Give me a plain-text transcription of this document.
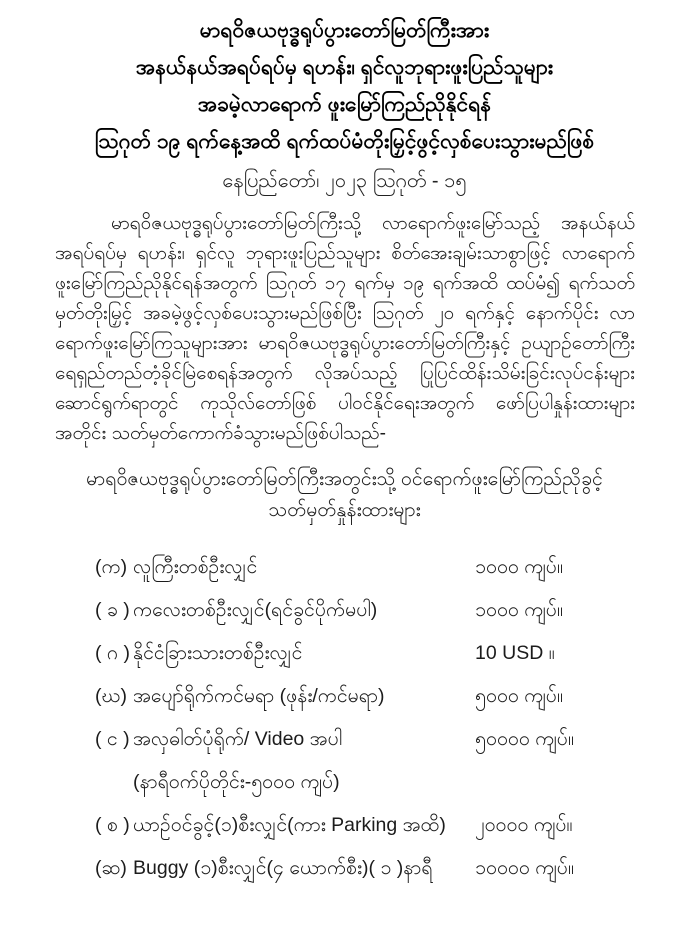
မာရဝိဇယဗုဒ္ဓရုပ်ပွားတော်မြတ်ကြီးအား
အနယ်နယ်အရပ်ရပ်မှ ရဟန်း၊ ရှင်လူဘုရားဖူးပြည်သူများ
အခမဲ့လာရောက် ဖူးမြော်ကြည်ညိုနိုင်ရန်
ဩဂုတ် ၁၉ ရက်နေ့အထိ ရက်ထပ်မံတိုးမြှင့်ဖွင့်လှစ်ပေးသွားမည်ဖြစ်
နေပြည်တော်၊ ၂၀၂၃ ဩဂုတ် - ၁၅

မာရဝိဇယဗုဒ္ဓရုပ်ပွားတော်မြတ်ကြီးသို့ လာရောက်ဖူးမြော်သည့် အနယ်နယ်အရပ်ရပ်မှ ရဟန်း၊ ရှင်လူ ဘုရားဖူးပြည်သူများ စိတ်အေးချမ်းသာစွာဖြင့် လာရောက်ဖူးမြော်ကြည်ညိုနိုင်ရန်အတွက် ဩဂုတ် ၁၇ ရက်မှ ၁၉ ရက်အထိ ထပ်မံ၍ ရက်သတ်မှတ်တိုးမြှင့် အခမဲ့ဖွင့်လှစ်ပေးသွားမည်ဖြစ်ပြီး ဩဂုတ် ၂၀ ရက်နှင့် နောက်ပိုင်း လာရောက်ဖူးမြော်ကြသူများအား မာရဝိဇယဗုဒ္ဓရုပ်ပွားတော်မြတ်ကြီးနှင့် ဥယျာဉ်တော်ကြီး ရေရှည်တည်တံ့ခိုင်မြဲစေရန်အတွက် လိုအပ်သည့် ပြုပြင်ထိန်းသိမ်းခြင်းလုပ်ငန်းများ ဆောင်ရွက်ရာတွင် ကုသိုလ်တော်ဖြစ် ပါဝင်နိုင်ရေးအတွက် ဖော်ပြပါနှုန်းထားများအတိုင်း သတ်မှတ်ကောက်ခံသွားမည်ဖြစ်ပါသည်-

မာရဝိဇယဗုဒ္ဓရုပ်ပွားတော်မြတ်ကြီးအတွင်းသို့ ဝင်ရောက်ဖူးမြော်ကြည်ညိုခွင့်
သတ်မှတ်နှုန်းထားများ
(က) လူကြီးတစ်ဦးလျှင်	၁၀၀၀ ကျပ်။
( ခ ) ကလေးတစ်ဦးလျှင်(ရင်ခွင်ပိုက်မပါ)	၁၀၀၀ ကျပ်။
( ဂ ) နိုင်ငံခြားသားတစ်ဦးလျှင်	10 USD ။
(ဃ) အပျော်ရိုက်ကင်မရာ (ဖုန်း/ကင်မရာ)	၅၀၀၀ ကျပ်။
( င ) အလှဓါတ်ပုံရိုက်/ Video အပါ	၅၀၀၀၀ ကျပ်။
(နာရီဝက်ပိုတိုင်း-၅၀၀၀ ကျပ်)
( စ ) ယာဉ်ဝင်ခွင့်(၁)စီးလျှင်(ကား Parking အထိ)	၂၀၀၀၀ ကျပ်။
(ဆ) Buggy (၁)စီးလျှင်(၄ ယောက်စီး)( ၁ )နာရီ	၁၀၀၀၀ ကျပ်။
